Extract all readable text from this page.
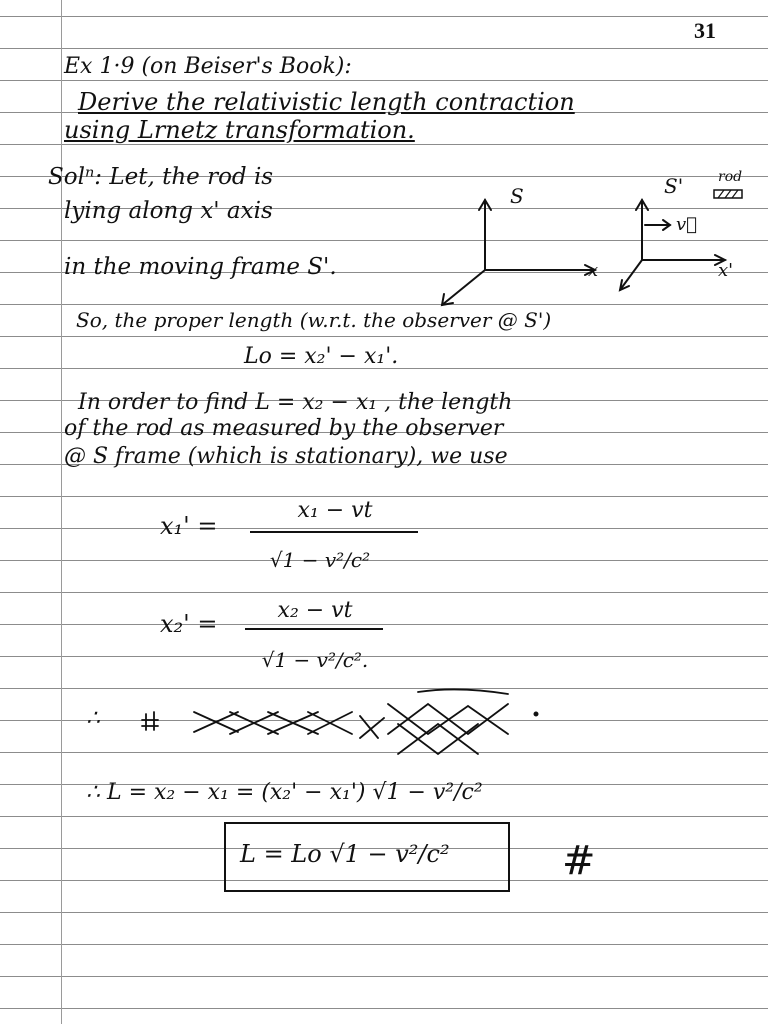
31
Ex 1·9 (on Beiser's Book):
Derive the relativistic length contraction
using Lrnetz transformation.
Solⁿ: Let, the rod is
lying along x' axis
in the moving frame S'.
S
x
S'
x'
v⃗
rod
So, the proper length (w.r.t. the observer @ S')
Lo = x₂' − x₁'.
In order to find L = x₂ − x₁ , the length
of the rod as measured by the observer
@ S frame (which is stationary), we use
x₁' =
x₁ − vt
√1 − v²/c²
x₂' =	x₂ − vt
√1 − v²/c².
∴
∴ L = x₂ − x₁ = (x₂' − x₁') √1 − v²/c²
L = Lo √1 − v²/c²	#
